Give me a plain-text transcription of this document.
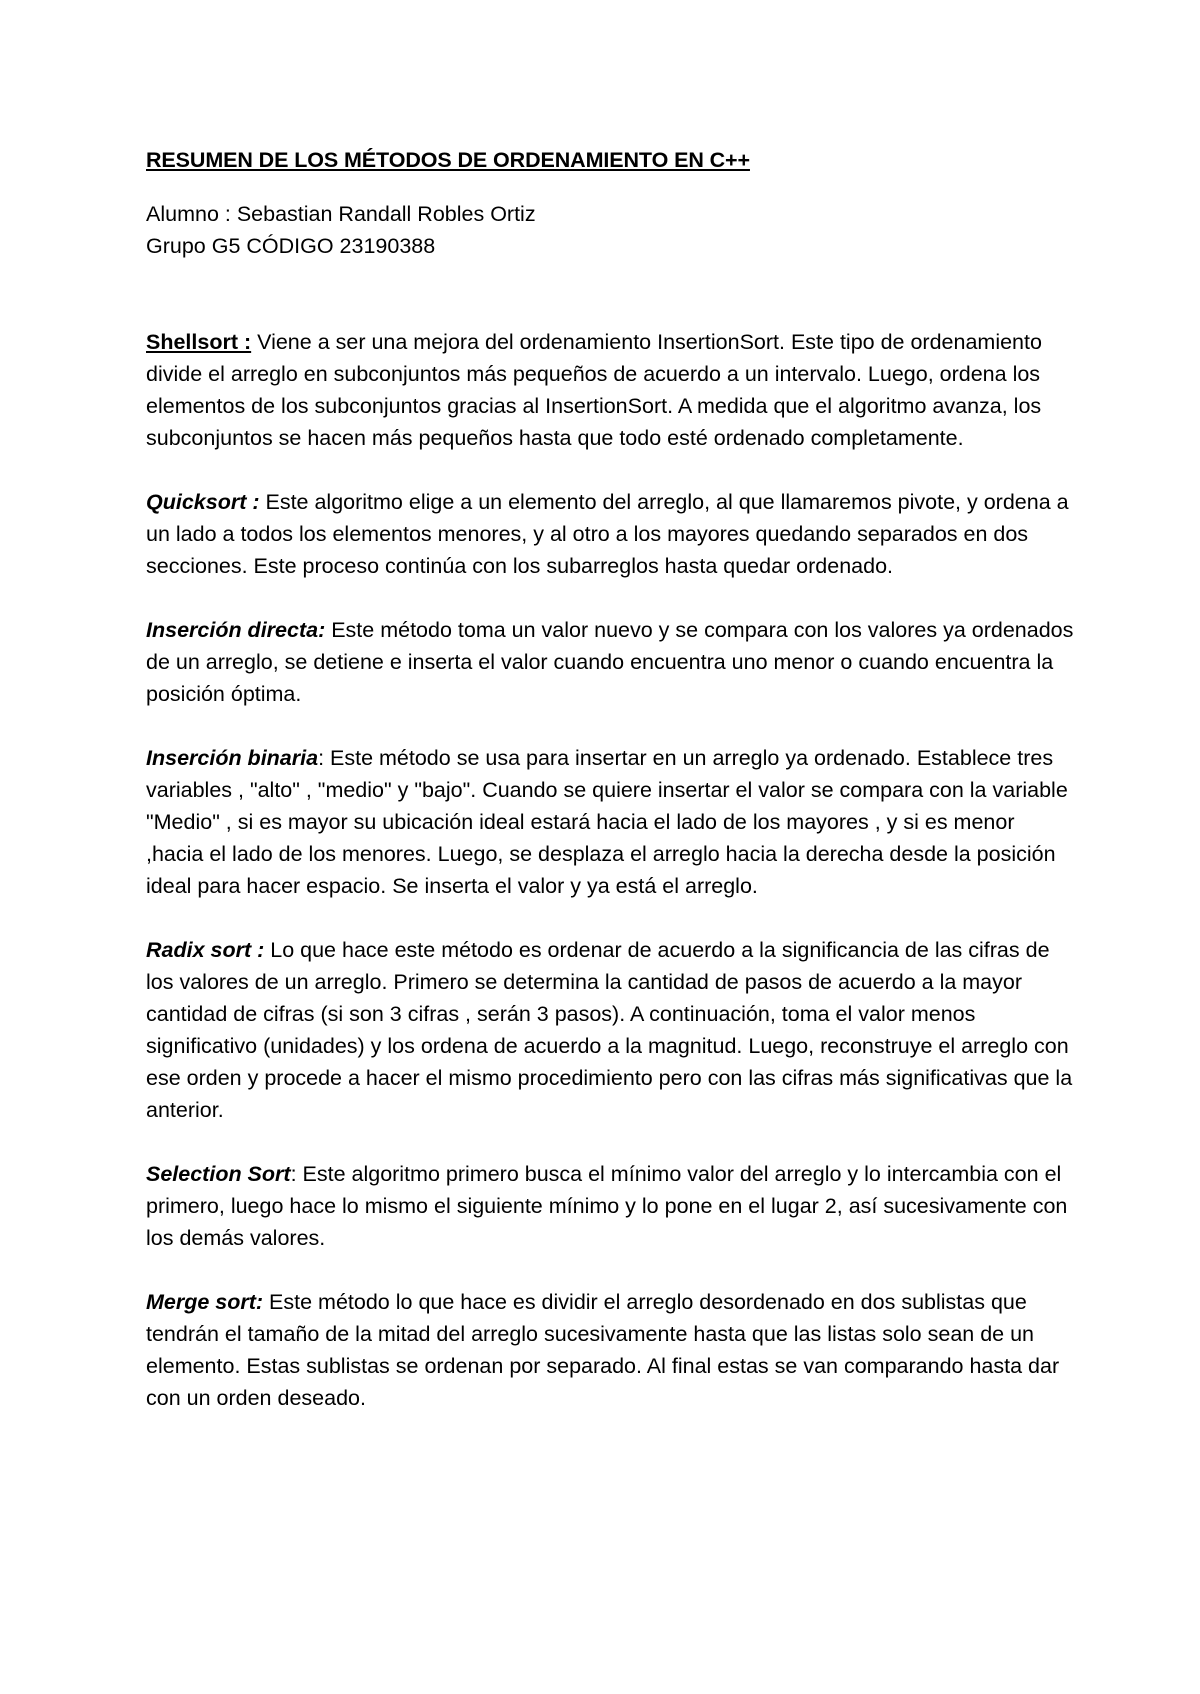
RESUMEN DE LOS MÉTODOS DE ORDENAMIENTO EN C++
Alumno : Sebastian Randall Robles Ortiz
Grupo G5 CÓDIGO 23190388

Shellsort : Viene a ser una mejora del ordenamiento InsertionSort. Este tipo de ordenamiento divide el arreglo en subconjuntos más pequeños de acuerdo a un intervalo. Luego, ordena los elementos de los subconjuntos gracias al InsertionSort. A medida que el algoritmo avanza, los subconjuntos se hacen más pequeños hasta que todo esté ordenado completamente.

Quicksort : Este algoritmo elige a un elemento del arreglo, al que llamaremos pivote, y ordena a un lado a todos los elementos menores, y al otro a los mayores quedando separados en dos secciones. Este proceso continúa con los subarreglos hasta quedar ordenado.

Inserción directa: Este método toma un valor nuevo y se compara con los valores ya ordenados de un arreglo, se detiene e inserta el valor cuando encuentra uno menor o cuando encuentra la posición óptima.

Inserción binaria: Este método se usa para insertar en un arreglo ya ordenado. Establece tres variables , "alto" , "medio" y "bajo". Cuando se quiere insertar el valor se compara con la variable "Medio" , si es mayor su ubicación ideal estará hacia el lado de los mayores , y si es menor ,hacia el lado de los menores. Luego, se desplaza el arreglo hacia la derecha desde la posición ideal para hacer espacio. Se inserta el valor y ya está el arreglo.

Radix sort : Lo que hace este método es ordenar de acuerdo a la significancia de las cifras de los valores de un arreglo. Primero se determina la cantidad de pasos de acuerdo a la mayor cantidad de cifras (si son 3 cifras , serán 3 pasos). A continuación, toma el valor menos significativo (unidades) y los ordena de acuerdo a la magnitud. Luego, reconstruye el arreglo con ese orden y procede a hacer el mismo procedimiento pero con las cifras más significativas que la anterior.

Selection Sort: Este algoritmo primero busca el mínimo valor del arreglo y lo intercambia con el primero, luego hace lo mismo el siguiente mínimo y lo pone en el lugar 2, así sucesivamente con los demás valores.

Merge sort: Este método lo que hace es dividir el arreglo desordenado en dos sublistas que tendrán el tamaño de la mitad del arreglo sucesivamente hasta que las listas solo sean de un elemento. Estas sublistas se ordenan por separado. Al final estas se van comparando hasta dar con un orden deseado.
